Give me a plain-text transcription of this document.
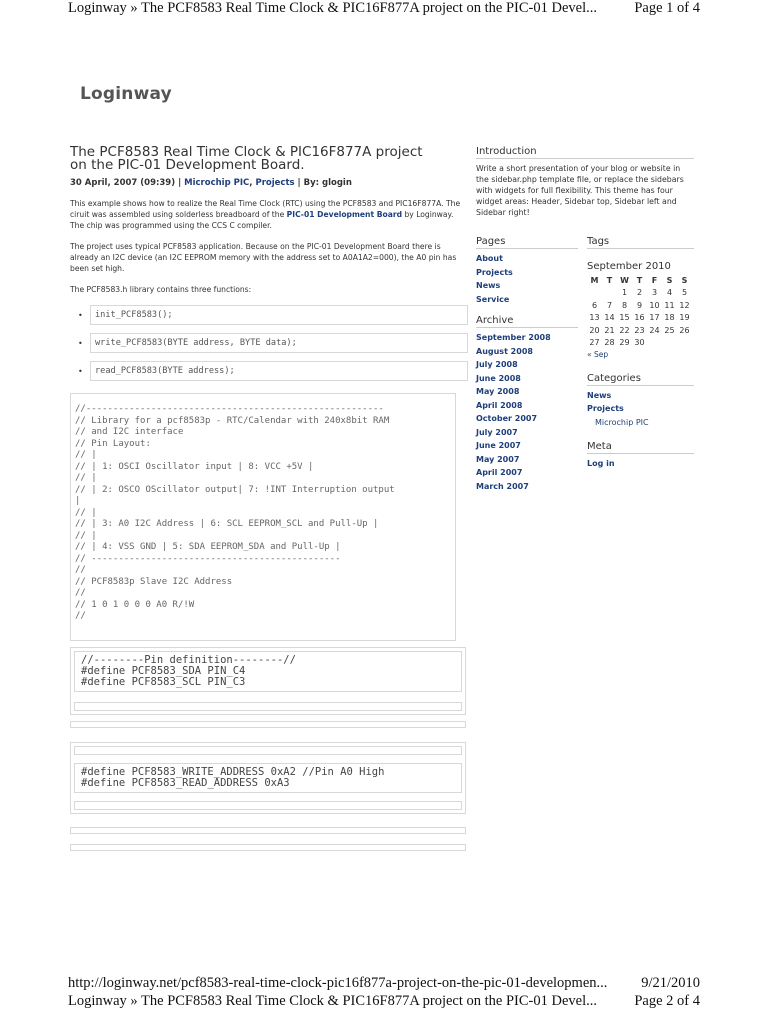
Loginway » The PCF8583 Real Time Clock & PIC16F877A project on the PIC-01 Devel...	Page 1 of 4
Loginway
The PCF8583 Real Time Clock & PIC16F877A project
on the PIC-01 Development Board.
30 April, 2007 (09:39) | Microchip PIC, Projects | By: glogin
This example shows how to realize the Real Time Clock (RTC) using the PCF8583 and PIC16F877A. The ciruit was assembled using solderless breadboard of the PIC-01 Development Board by Loginway. The chip was programmed using the CCS C compiler.
The project uses typical PCF8583 application. Because on the PIC-01 Development Board there is already an I2C device (an I2C EEPROM memory with the address set to A0A1A2=000), the A0 pin has been set high.
The PCF8583.h library contains three functions:
•	init_PCF8583();
•	write_PCF8583(BYTE address, BYTE data);
•	read_PCF8583(BYTE address);
//-------------------------------------------------------
// Library for a pcf8583p - RTC/Calendar with 240x8bit RAM
// and I2C interface
// Pin Layout:
// |
// | 1: OSCI Oscillator input | 8: VCC +5V |
// |
// | 2: OSCO OScillator output| 7: !INT Interruption output
|
// |
// | 3: A0 I2C Address | 6: SCL EEPROM_SCL and Pull-Up |
// |
// | 4: VSS GND | 5: SDA EEPROM_SDA and Pull-Up |
// ----------------------------------------------
//
// PCF8583p Slave I2C Address
//
// 1 0 1 0 0 0 A0 R/!W
//
//--------Pin definition--------//
#define PCF8583_SDA PIN_C4
#define PCF8583_SCL PIN_C3
#define PCF8583_WRITE_ADDRESS 0xA2 //Pin A0 High
#define PCF8583_READ_ADDRESS 0xA3
Introduction
Write a short presentation of your blog or website in the sidebar.php template file, or replace the sidebars with widgets for full flexibility. This theme has four widget areas: Header, Sidebar top, Sidebar left and Sidebar right!
Pages
About
Projects
News
Service
Archive
September 2008
August 2008
July 2008
June 2008
May 2008
April 2008
October 2007
July 2007
June 2007
May 2007
April 2007
March 2007
Tags
September 2010
M	T	W	T	F	S	S
		1	2	3	4	5
6	7	8	9	10	11	12
13	14	15	16	17	18	19
20	21	22	23	24	25	26
27	28	29	30			
« Sep
Categories
News
Projects
Microchip PIC
Meta
Log in
http://loginway.net/pcf8583-real-time-clock-pic16f877a-project-on-the-pic-01-developmen... 9/21/2010
Loginway » The PCF8583 Real Time Clock & PIC16F877A project on the PIC-01 Devel...	Page 2 of 4
